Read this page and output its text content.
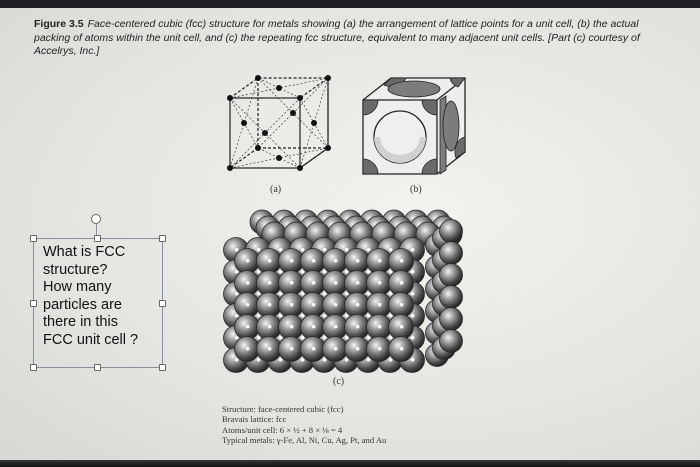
Figure 3.5 Face-centered cubic (fcc) structure for metals showing (a) the arrangement of lattice points for a unit cell, (b) the actual packing of atoms within the unit cell, and (c) the repeating fcc structure, equivalent to many adjacent unit cells. [Part (c) courtesy of Accelrys, Inc.]
(a)	(b)
(c)
What is FCC
structure?
How many
particles are
there in this
FCC unit cell ?
Structure: face-centered cubic (fcc)
Bravais lattice: fcc
Atoms/unit cell: 6 × ½ + 8 × ⅛ = 4
Typical metals: γ-Fe, Al, Ni, Cu, Ag, Pt, and Au
